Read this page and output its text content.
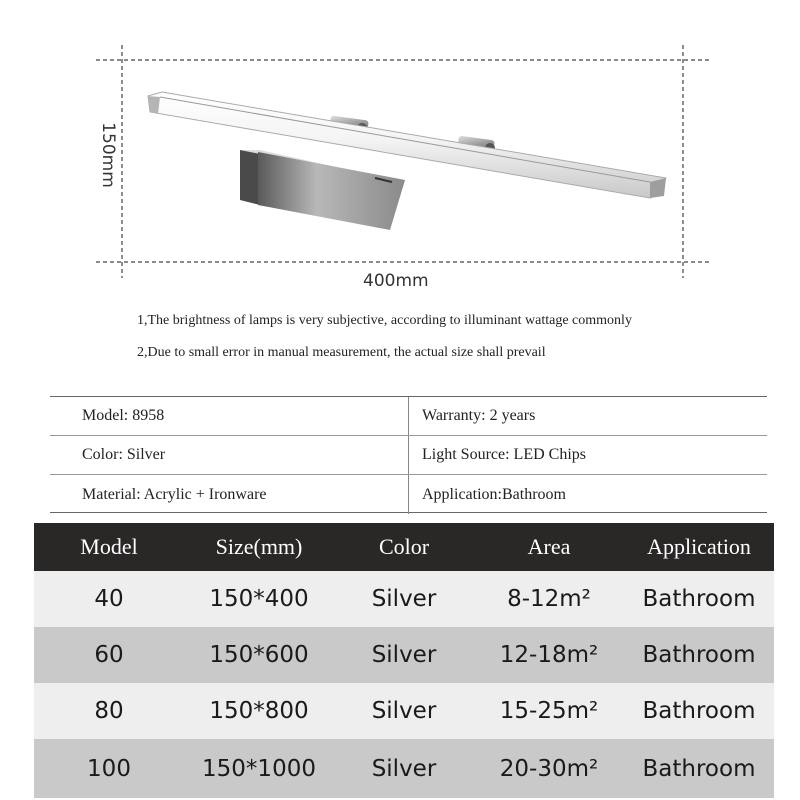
400mm
150mm

1,The brightness of lamps is very subjective, according to illuminant wattage commonly

2,Due to small error in manual measurement, the actual size shall prevail

Model: 8958	Warranty: 2 years
Color: Silver	Light Source: LED Chips
Material: Acrylic + Ironware	Application:Bathroom
Model	Size(mm)	Color	Area	Application
40	150*400	Silver	8-12m²	Bathroom
60	150*600	Silver	12-18m²	Bathroom
80	150*800	Silver	15-25m²	Bathroom
100	150*1000	Silver	20-30m²	Bathroom
